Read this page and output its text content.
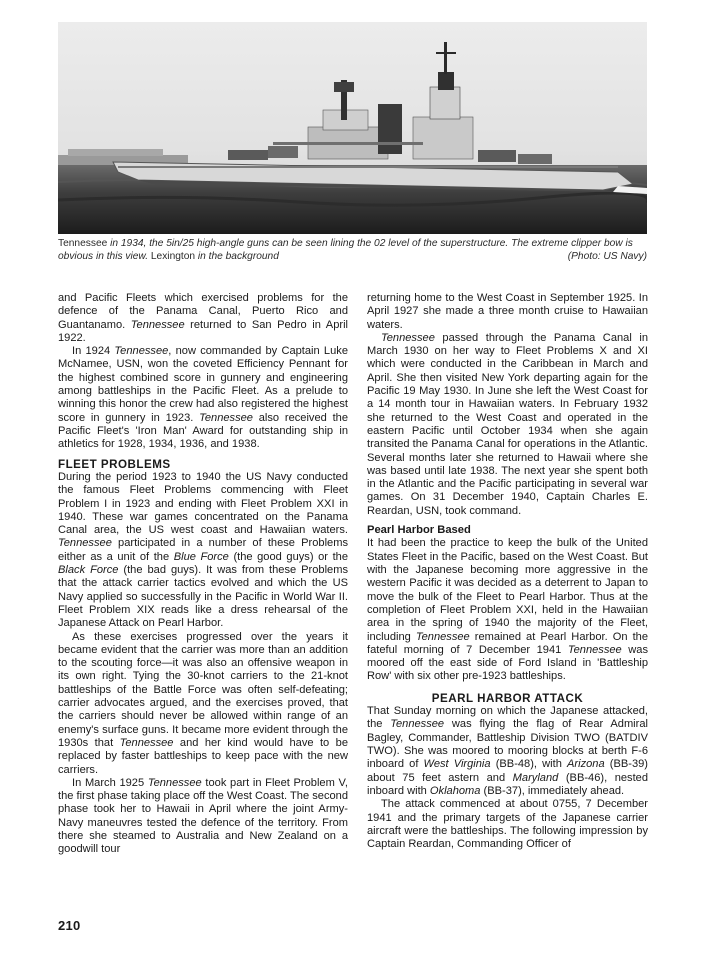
Tennessee in 1934, the 5in/25 high-angle guns can be seen lining the 02 level of the superstructure. The extreme clipper bow is obvious in this view. Lexington in the background	(Photo: US Navy)

and Pacific Fleets which exercised problems for the defence of the Panama Canal, Puerto Rico and Guantanamo. Tennessee returned to San Pedro in April 1922.

In 1924 Tennessee, now commanded by Captain Luke McNamee, USN, won the coveted Efficiency Pennant for the highest combined score in gunnery and engineering among battleships in the Pacific Fleet. As a prelude to winning this honor the crew had also registered the highest score in gunnery in 1923. Tennessee also received the Pacific Fleet's 'Iron Man' Award for outstanding ship in athletics for 1928, 1934, 1936, and 1938.

FLEET PROBLEMS

During the period 1923 to 1940 the US Navy conducted the famous Fleet Problems commencing with Fleet Problem I in 1923 and ending with Fleet Problem XXI in 1940. These war games concentrated on the Panama Canal area, the US west coast and Hawaiian waters. Tennessee participated in a number of these Problems either as a unit of the Blue Force (the good guys) or the Black Force (the bad guys). It was from these Problems that the attack carrier tactics evolved and which the US Navy applied so successfully in the Pacific in World War II. Fleet Problem XIX reads like a dress rehearsal of the Japanese Attack on Pearl Harbor.

As these exercises progressed over the years it became evident that the carrier was more than an addition to the scouting force—it was also an offensive weapon in its own right. Tying the 30-knot carriers to the 21-knot battleships of the Battle Force was often self-defeating; carrier advocates argued, and the exercises proved, that the carriers should never be allowed within range of an enemy's surface guns. It became more evident through the 1930s that Tennessee and her kind would have to be replaced by faster battleships to keep pace with the new carriers.

In March 1925 Tennessee took part in Fleet Problem V, the first phase taking place off the West Coast. The second phase took her to Hawaii in April where the joint Army-Navy maneuvres tested the defence of the territory. From there she steamed to Australia and New Zealand on a goodwill tour

returning home to the West Coast in September 1925. In April 1927 she made a three month cruise to Hawaiian waters.

Tennessee passed through the Panama Canal in March 1930 on her way to Fleet Problems X and XI which were conducted in the Caribbean in March and April. She then visited New York departing again for the Pacific 19 May 1930. In June she left the West Coast for a 14 month tour in Hawaiian waters. In February 1932 she returned to the West Coast and operated in the eastern Pacific until October 1934 when she again transited the Panama Canal for operations in the Atlantic. Several months later she returned to Hawaii where she was based until late 1938. The next year she spent both in the Atlantic and the Pacific participating in several war games. On 31 December 1940, Captain Charles E. Reardan, USN, took command.

Pearl Harbor Based

It had been the practice to keep the bulk of the United States Fleet in the Pacific, based on the West Coast. But with the Japanese becoming more aggressive in the western Pacific it was decided as a deterrent to Japan to move the bulk of the Fleet to Pearl Harbor. Thus at the completion of Fleet Problem XXI, held in the Hawaiian area in the spring of 1940 the majority of the Fleet, including Tennessee remained at Pearl Harbor. On the fateful morning of 7 December 1941 Tennessee was moored off the east side of Ford Island in 'Battleship Row' with six other pre-1923 battleships.

PEARL HARBOR ATTACK

That Sunday morning on which the Japanese attacked, the Tennessee was flying the flag of Rear Admiral Bagley, Commander, Battleship Division TWO (BATDIV TWO). She was moored to mooring blocks at berth F-6 inboard of West Virginia (BB-48), with Arizona (BB-39) about 75 feet astern and Maryland (BB-46), nested inboard with Oklahoma (BB-37), immediately ahead.

The attack commenced at about 0755, 7 December 1941 and the primary targets of the Japanese carrier aircraft were the battleships. The following impression by Captain Reardan, Commanding Officer of

210
